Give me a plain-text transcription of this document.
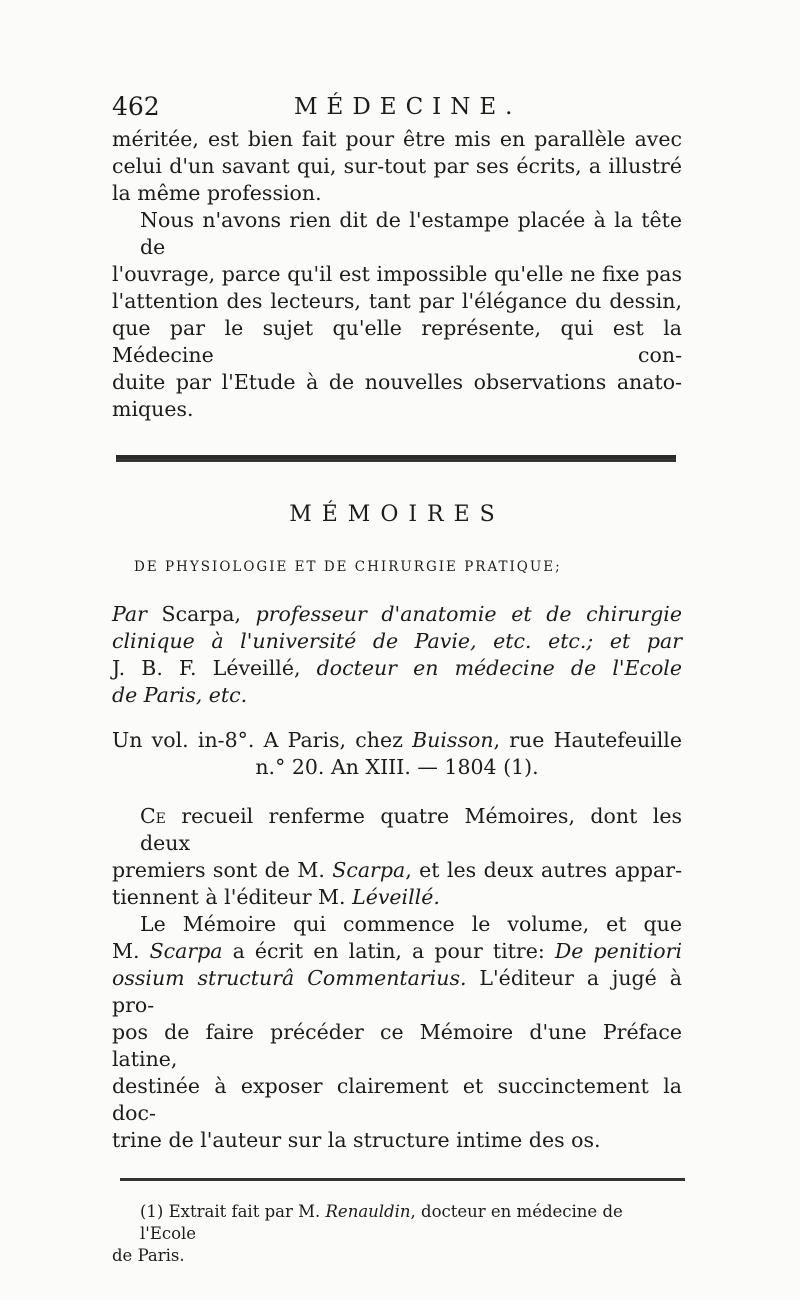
462	MÉDECINE.
méritée, est bien fait pour être mis en parallèle avec
celui d'un savant qui, sur-tout par ses écrits, a illustré
la même profession.
Nous n'avons rien dit de l'estampe placée à la tête de
l'ouvrage, parce qu'il est impossible qu'elle ne fixe pas
l'attention des lecteurs, tant par l'élégance du dessin,
que par le sujet qu'elle représente, qui est la Médecine con-
duite par l'Etude à de nouvelles observations anato-
miques.
MÉMOIRES
DE PHYSIOLOGIE ET DE CHIRURGIE PRATIQUE;
Par Scarpa, professeur d'anatomie et de chirurgie
clinique à l'université de Pavie, etc. etc.; et par
J. B. F. Léveillé, docteur en médecine de l'Ecole
de Paris, etc.
Un vol. in-8°. A Paris, chez Buisson, rue Hautefeuille
n.° 20. An XIII. — 1804 (1).
Ce recueil renferme quatre Mémoires, dont les deux
premiers sont de M. Scarpa, et les deux autres appar-
tiennent à l'éditeur M. Léveillé.
Le Mémoire qui commence le volume, et que
M. Scarpa a écrit en latin, a pour titre: De penitiori
ossium structurâ Commentarius. L'éditeur a jugé à pro-
pos de faire précéder ce Mémoire d'une Préface latine,
destinée à exposer clairement et succinctement la doc-
trine de l'auteur sur la structure intime des os.
(1) Extrait fait par M. Renauldin, docteur en médecine de l'Ecole
de Paris.
